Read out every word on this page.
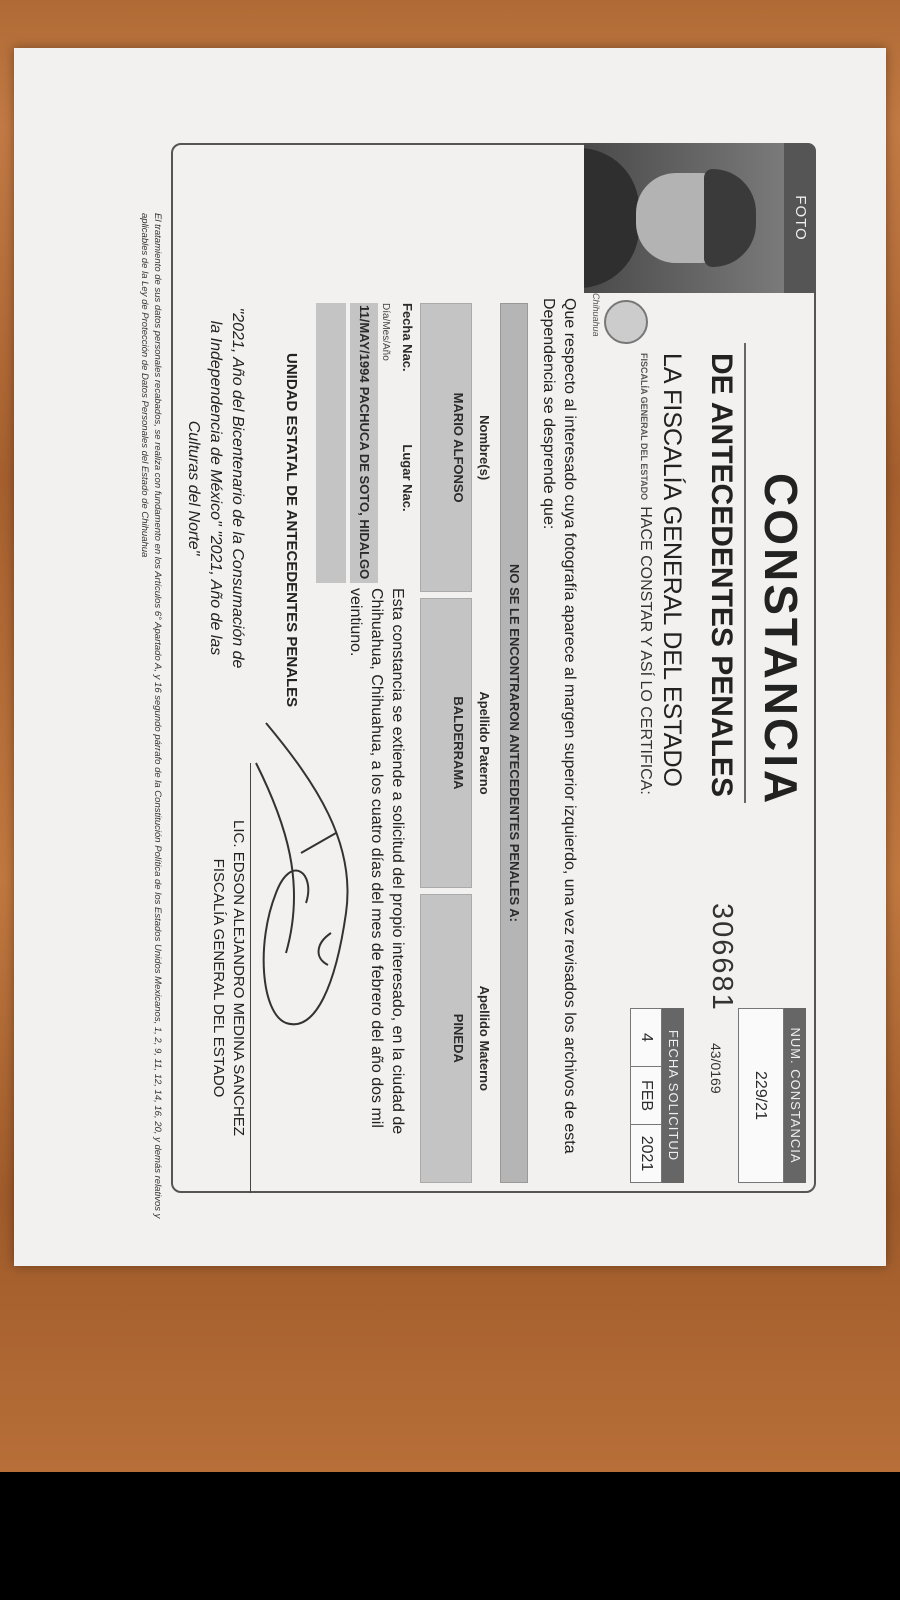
FOTO
Chihuahua
CONSTANCIA
DE ANTECEDENTES PENALES
306681
43/0169
LA FISCALÍA GENERAL DEL ESTADO
FISCALÍA GENERAL DEL ESTADOHACE CONSTAR Y ASÍ LO CERTIFICA:
NUM. CONSTANCIA
229/21
FECHA SOLICITUD
4
FEB
2021
Que respecto al interesado cuya fotografía aparece al margen superior izquierdo, una vez revisados los archivos de esta Dependencia se desprende que:
NO SE LE ENCONTRARON ANTECEDENTES PENALES A:
Nombre(s)
MARIO ALFONSO
Apellido Paterno
BALDERRAMA
Apellido Materno
PINEDA
Fecha Nac.
Lugar Nac.
Día/Mes/Año
11/MAY/1994
PACHUCA DE SOTO, HIDALGO
Esta constancia se extiende a solicitud del propio interesado, en la ciudad de Chihuahua, Chihuahua, a los cuatro días del mes de febrero del año dos mil veintiuno.
UNIDAD ESTATAL DE ANTECEDENTES PENALES
"2021, Año del Bicentenario de la Consumación de la Independencia de México" "2021, Año de las Culturas del Norte"
LIC. EDSON ALEJANDRO MEDINA SANCHEZ
FISCALÍA GENERAL DEL ESTADO
El tratamiento de sus datos personales recabados, se realiza con fundamento en los Artículos 6° Apartado A, y 16 segundo párrafo de la Constitución Política de los Estados Unidos Mexicanos, 1, 2, 9, 11, 12, 14, 16, 20, y demás relativos y aplicables de la Ley de Protección de Datos Personales del Estado de Chihuahua
